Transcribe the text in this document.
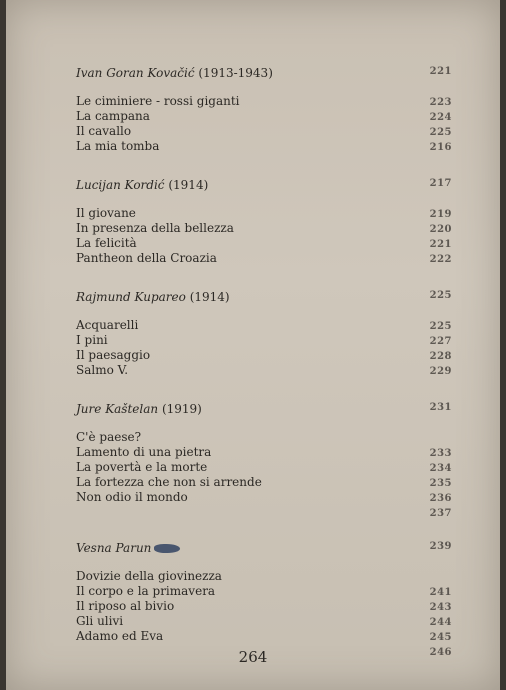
Ivan Goran Kovačić (1913-1943)	221
Le ciminiere - rossi giganti	223
La campana	224
Il cavallo	225
La mia tomba	216
Lucijan Kordić (1914)	217
Il giovane	219
In presenza della bellezza	220
La felicità	221
Pantheon della Croazia	222
Rajmund Kupareo (1914)	225
Acquarelli	225
I pini	227
Il paesaggio	228
Salmo V.	229
Jure Kaštelan (1919)	231
C'è paese?
Lamento di una pietra	233
La povertà e la morte	234
La fortezza che non si arrende	235
Non odio il mondo	236
237
Vesna Parun	239
Dovizie della giovinezza
Il corpo e la primavera	241
Il riposo al bivio	243
Gli ulivi	244
Adamo ed Eva	245
246
264
